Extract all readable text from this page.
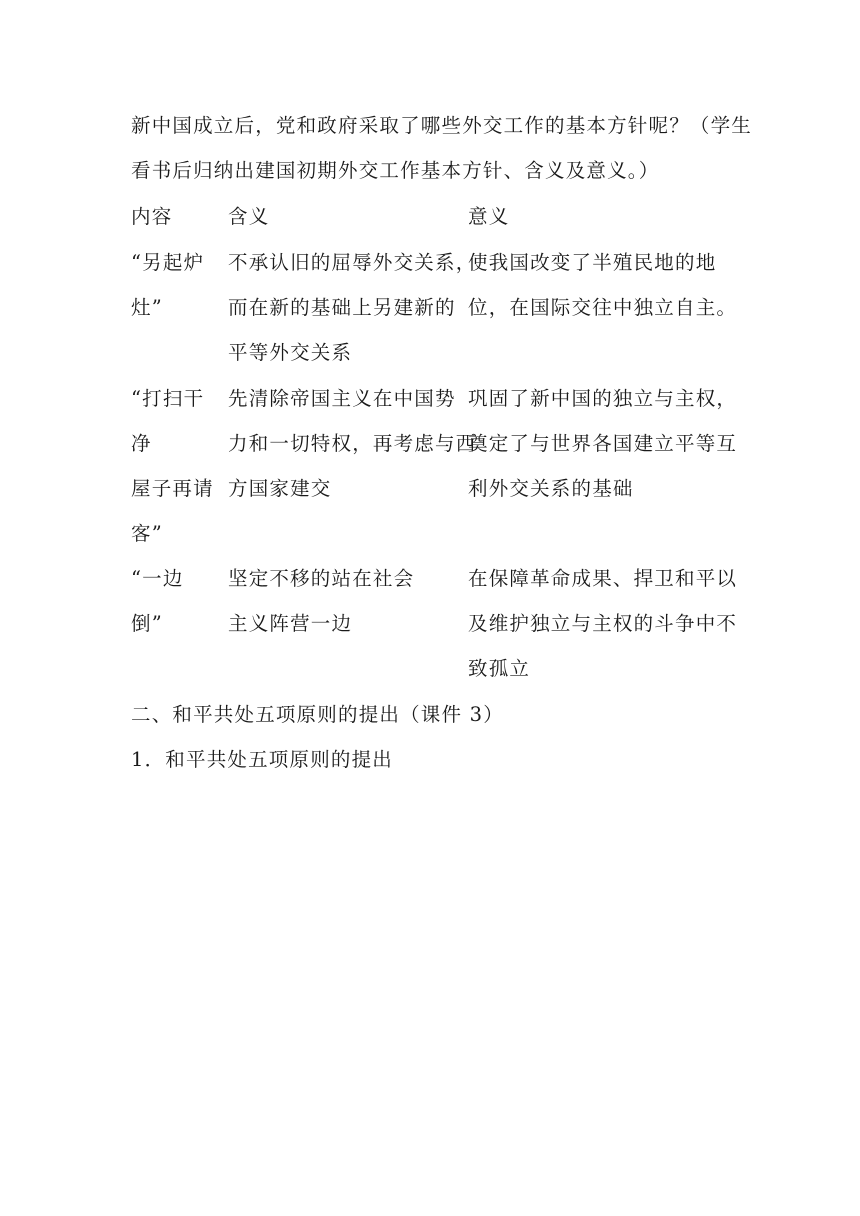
新中国成立后，党和政府采取了哪些外交工作的基本方针呢？（学生
看书后归纳出建国初期外交工作基本方针、含义及意义。）
内容	含义	意义
“另起炉
灶”
不承认旧的屈辱外交关系，
而在新的基础上另建新的
平等外交关系
使我国改变了半殖民地的地
位，在国际交往中独立自主。
“打扫干
净
屋子再请
客”
先清除帝国主义在中国势
力和一切特权，再考虑与西
方国家建交
巩固了新中国的独立与主权，
奠定了与世界各国建立平等互
利外交关系的基础
“一边
倒”
坚定不移的站在社会
主义阵营一边
在保障革命成果、捍卫和平以
及维护独立与主权的斗争中不
致孤立
二、和平共处五项原则的提出（课件 3）
1．和平共处五项原则的提出
